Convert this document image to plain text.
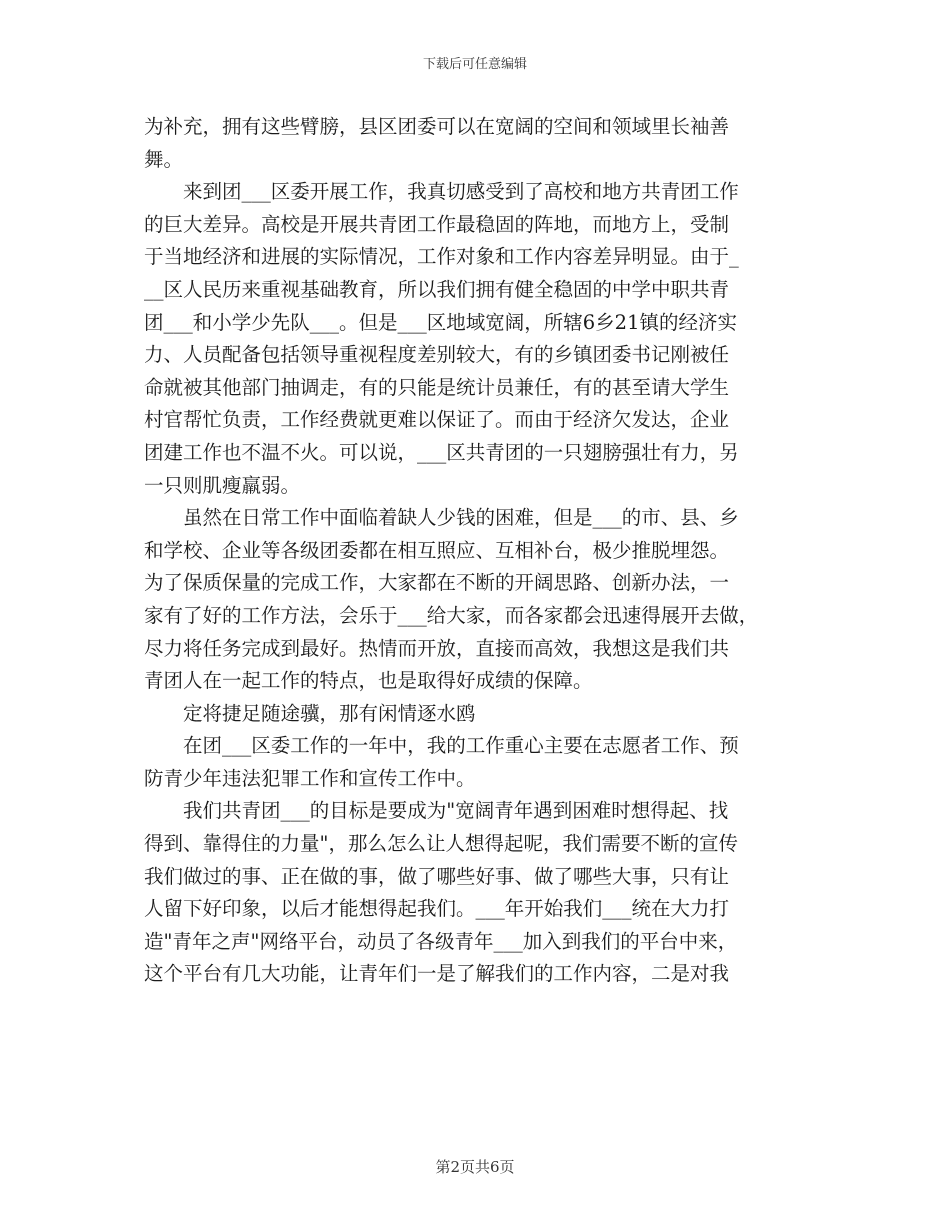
下载后可任意编辑
为补充，拥有这些臂膀，县区团委可以在宽阔的空间和领域里长袖善
舞。
来到团___区委开展工作，我真切感受到了高校和地方共青团工作
的巨大差异。高校是开展共青团工作最稳固的阵地，而地方上，受制
于当地经济和进展的实际情况，工作对象和工作内容差异明显。由于_
__区人民历来重视基础教育，所以我们拥有健全稳固的中学中职共青
团___和小学少先队___。但是___区地域宽阔，所辖6乡21镇的经济实
力、人员配备包括领导重视程度差别较大，有的乡镇团委书记刚被任
命就被其他部门抽调走，有的只能是统计员兼任，有的甚至请大学生
村官帮忙负责，工作经费就更难以保证了。而由于经济欠发达，企业
团建工作也不温不火。可以说，___区共青团的一只翅膀强壮有力，另
一只则肌瘦羸弱。
虽然在日常工作中面临着缺人少钱的困难，但是___的市、县、乡
和学校、企业等各级团委都在相互照应、互相补台，极少推脱埋怨。
为了保质保量的完成工作，大家都在不断的开阔思路、创新办法，一
家有了好的工作方法，会乐于___给大家，而各家都会迅速得展开去做，
尽力将任务完成到最好。热情而开放，直接而高效，我想这是我们共
青团人在一起工作的特点，也是取得好成绩的保障。
定将捷足随途骥，那有闲情逐水鸥
在团___区委工作的一年中，我的工作重心主要在志愿者工作、预
防青少年违法犯罪工作和宣传工作中。
我们共青团___的目标是要成为"宽阔青年遇到困难时想得起、找
得到、靠得住的力量"，那么怎么让人想得起呢，我们需要不断的宣传
我们做过的事、正在做的事，做了哪些好事、做了哪些大事，只有让
人留下好印象，以后才能想得起我们。___年开始我们___统在大力打
造"青年之声"网络平台，动员了各级青年___加入到我们的平台中来，
这个平台有几大功能，让青年们一是了解我们的工作内容，二是对我
第2页共6页
